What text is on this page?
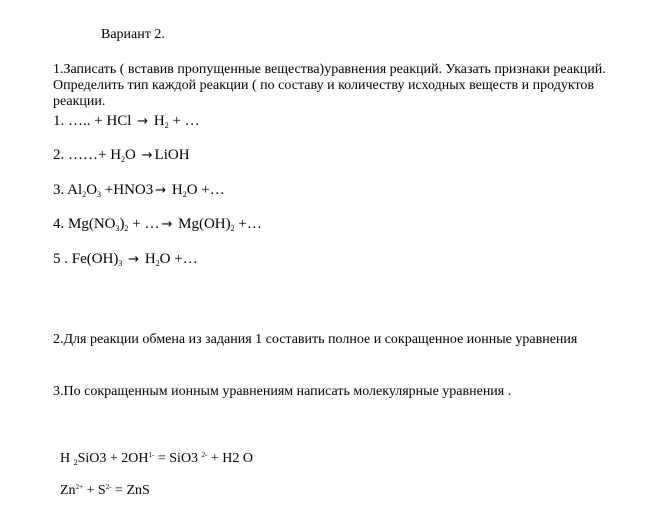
Вариант 2.
1.Записать ( вставив пропущенные вещества)уравнения реакций. Указать признаки реакций.
Определить тип каждой реакции ( по составу и количеству исходных веществ и продуктов
реакции.
1. ….. + HCl → $H_2$ + …
2. ……+ $H_2O$ → LiOH
3. $Al_2O_3 +HNO3 \to H_2O$ +…
4. $Mg(NO_3)_2$ + … → $Mg(OH)_2$ +…
5 . $Fe(OH)_3 \to H_2O$ +…
2.Для реакции обмена из задания 1 составить полное и сокращенное ионные уравнения
3.По сокращенным ионным уравнениям написать молекулярные уравнения .
H $_2SiO3 + 2OH^{1-} = SiO3$ $^{2-}$ + H2 O
$Zn^{2+} + S^{2-}$ = ZnS
